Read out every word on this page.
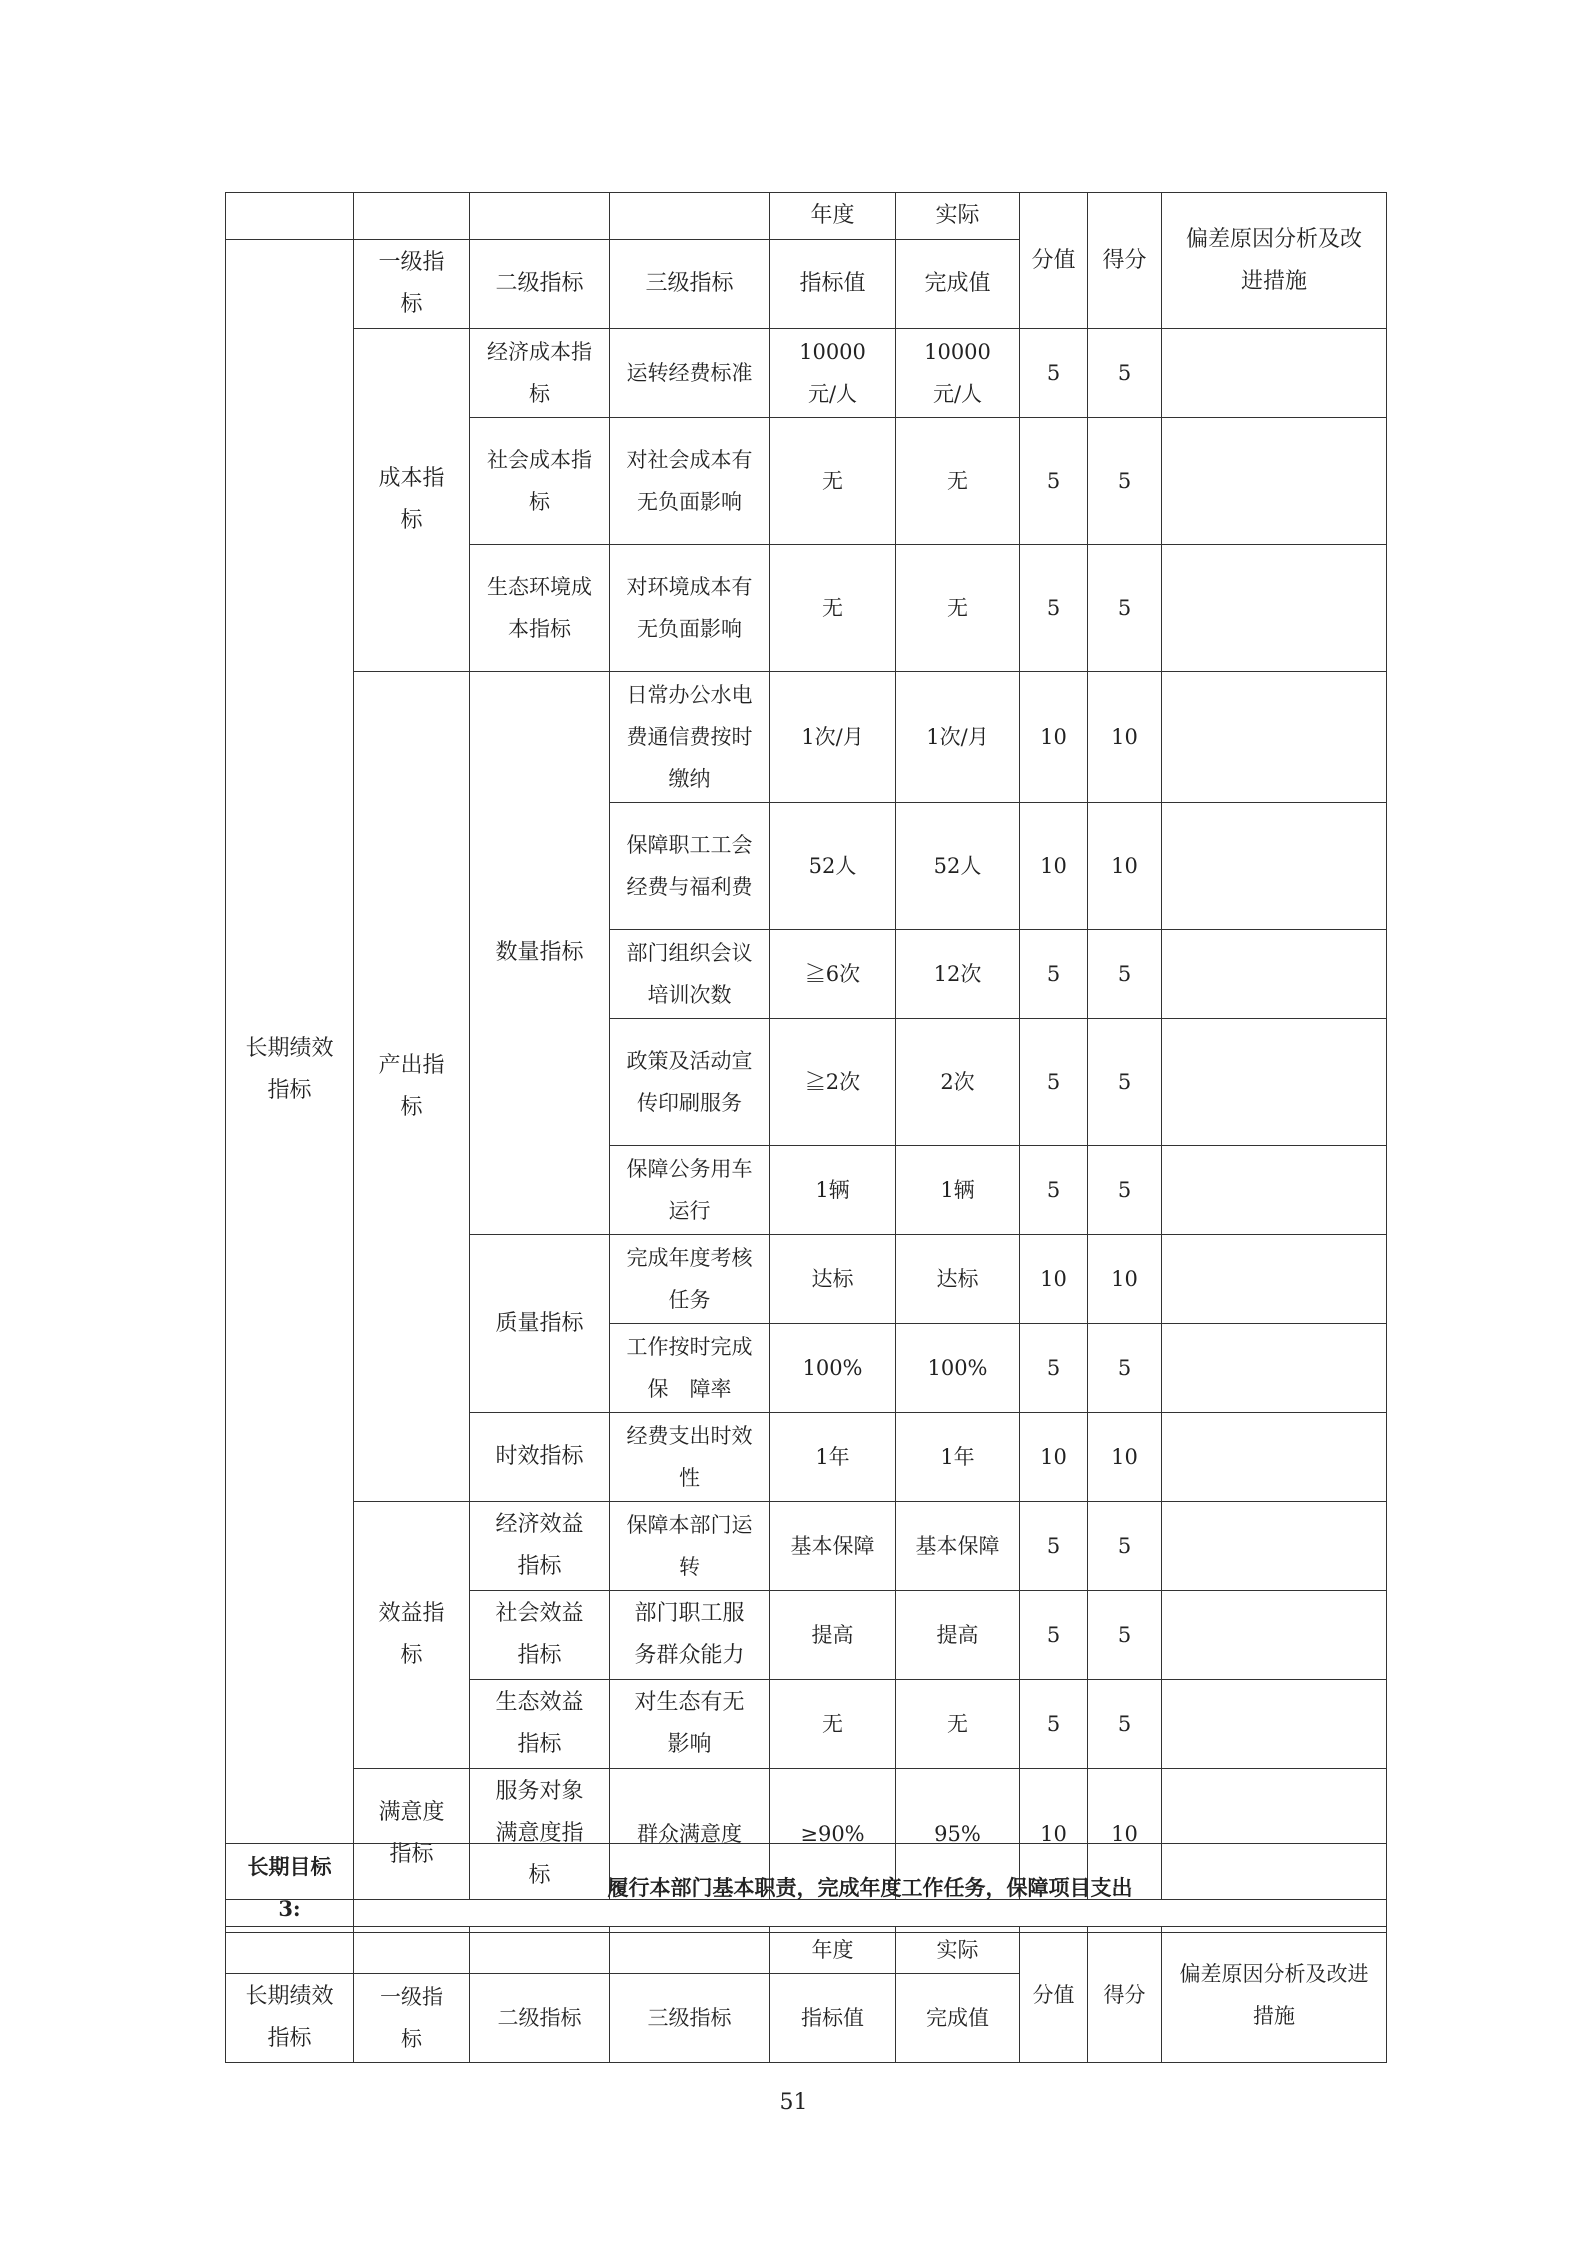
				年度	实际	分值	得分	偏差原因分析及改进措施
长期绩效指标	一级指标	二级指标	三级指标	指标值	完成值			
	成本指标	经济成本指标	运转经费标准	10000元/人	10000元/人	5	5	
		社会成本指标	对社会成本有无负面影响	无	无	5	5	
		生态环境成本指标	对环境成本有无负面影响	无	无	5	5	
	产出指标	数量指标	日常办公水电费通信费按时缴纳	1次/月	1次/月	10	10	
			保障职工工会经费与福利费	52人	52人	10	10	
			部门组织会议培训次数	≧6次	12次	5	5	
			政策及活动宣传印刷服务	≧2次	2次	5	5	
			保障公务用车运行	1辆	1辆	5	5	
		质量指标	完成年度考核任务	达标	达标	10	10	
			工作按时完成保　障率	100%	100%	5	5	
		时效指标	经费支出时效性	1年	1年	10	10	
	效益指标	经济效益指标	保障本部门运转	基本保障	基本保障	5	5	
		社会效益指标	部门职工服务群众能力	提高	提高	5	5	
		生态效益指标	对生态有无影响	无	无	5	5	
	满意度指标	服务对象满意度指标	群众满意度	≥90%	95%	10	10	
长期目标3:	履行本部门基本职责，完成年度工作任务，保障项目支出
				年度	实际	分值	得分	偏差原因分析及改进措施
长期绩效指标	一级指标	二级指标	三级指标	指标值	完成值			
51
